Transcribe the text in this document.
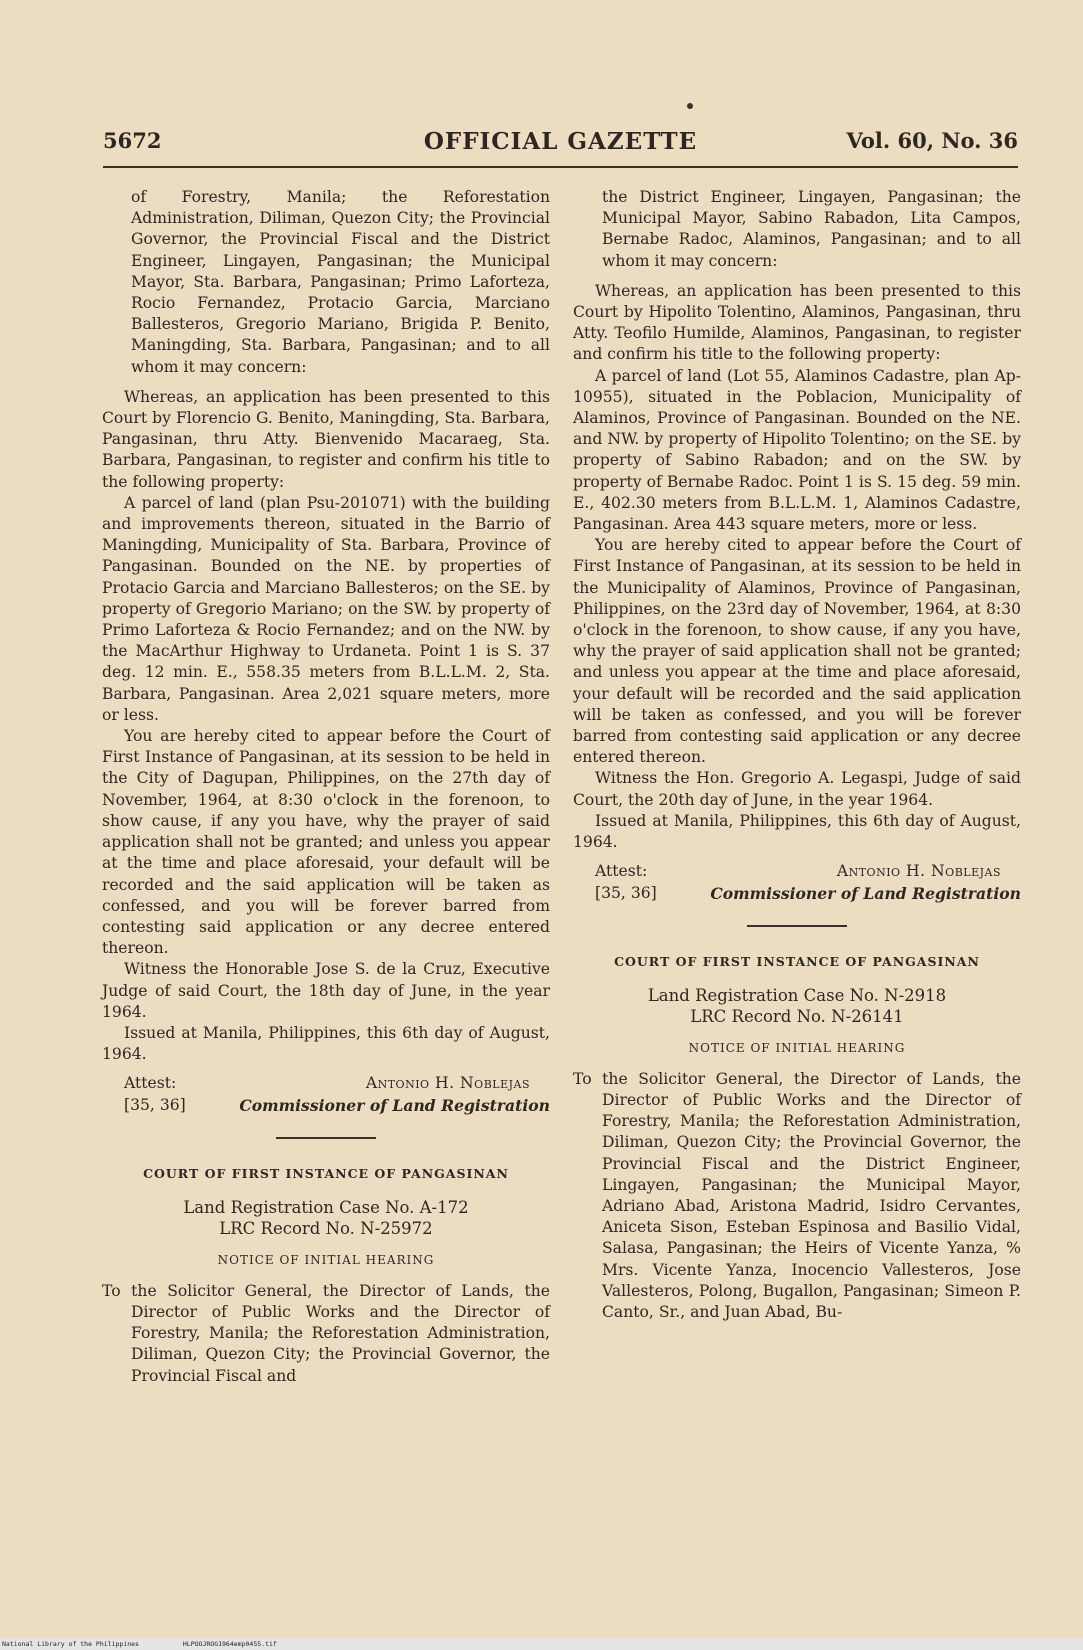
5672	OFFICIAL GAZETTE	Vol. 60, No. 36

of Forestry, Manila; the Reforestation Administration, Diliman, Quezon City; the Provincial Governor, the Provincial Fiscal and the District Engineer, Lingayen, Pangasinan; the Municipal Mayor, Sta. Barbara, Pangasinan; Primo Laforteza, Rocio Fernandez, Protacio Garcia, Marciano Ballesteros, Gregorio Mariano, Brigida P. Benito, Maningding, Sta. Barbara, Pangasinan; and to all whom it may concern:

Whereas, an application has been presented to this Court by Florencio G. Benito, Maningding, Sta. Barbara, Pangasinan, thru Atty. Bienvenido Macaraeg, Sta. Barbara, Pangasinan, to register and confirm his title to the following property:

A parcel of land (plan Psu-201071) with the building and improvements thereon, situated in the Barrio of Maningding, Municipality of Sta. Barbara, Province of Pangasinan. Bounded on the NE. by properties of Protacio Garcia and Marciano Ballesteros; on the SE. by property of Gregorio Mariano; on the SW. by property of Primo Laforteza & Rocio Fernandez; and on the NW. by the MacArthur Highway to Urdaneta. Point 1 is S. 37 deg. 12 min. E., 558.35 meters from B.L.L.M. 2, Sta. Barbara, Pangasinan. Area 2,021 square meters, more or less.

You are hereby cited to appear before the Court of First Instance of Pangasinan, at its session to be held in the City of Dagupan, Philippines, on the 27th day of November, 1964, at 8:30 o'clock in the forenoon, to show cause, if any you have, why the prayer of said application shall not be granted; and unless you appear at the time and place aforesaid, your default will be recorded and the said application will be taken as confessed, and you will be forever barred from contesting said application or any decree entered thereon.

Witness the Honorable Jose S. de la Cruz, Executive Judge of said Court, the 18th day of June, in the year 1964.

Issued at Manila, Philippines, this 6th day of August, 1964.

Attest:
[35, 36]
Antonio H. Noblejas
Commissioner of Land Registration
COURT OF FIRST INSTANCE OF PANGASINAN
Land Registration Case No. A-172
LRC Record No. N-25972
NOTICE OF INITIAL HEARING

To the Solicitor General, the Director of Lands, the Director of Public Works and the Director of Forestry, Manila; the Reforestation Administration, Diliman, Quezon City; the Provincial Governor, the Provincial Fiscal and

the District Engineer, Lingayen, Pangasinan; the Municipal Mayor, Sabino Rabadon, Lita Campos, Bernabe Radoc, Alaminos, Pangasinan; and to all whom it may concern:

Whereas, an application has been presented to this Court by Hipolito Tolentino, Alaminos, Pangasinan, thru Atty. Teofilo Humilde, Alaminos, Pangasinan, to register and confirm his title to the following property:

A parcel of land (Lot 55, Alaminos Cadastre, plan Ap-10955), situated in the Poblacion, Municipality of Alaminos, Province of Pangasinan. Bounded on the NE. and NW. by property of Hipolito Tolentino; on the SE. by property of Sabino Rabadon; and on the SW. by property of Bernabe Radoc. Point 1 is S. 15 deg. 59 min. E., 402.30 meters from B.L.L.M. 1, Alaminos Cadastre, Pangasinan. Area 443 square meters, more or less.

You are hereby cited to appear before the Court of First Instance of Pangasinan, at its session to be held in the Municipality of Alaminos, Province of Pangasinan, Philippines, on the 23rd day of November, 1964, at 8:30 o'clock in the forenoon, to show cause, if any you have, why the prayer of said application shall not be granted; and unless you appear at the time and place aforesaid, your default will be recorded and the said application will be taken as confessed, and you will be forever barred from contesting said application or any decree entered thereon.

Witness the Hon. Gregorio A. Legaspi, Judge of said Court, the 20th day of June, in the year 1964.

Issued at Manila, Philippines, this 6th day of August, 1964.

Attest:
[35, 36]
Antonio H. Noblejas
Commissioner of Land Registration
COURT OF FIRST INSTANCE OF PANGASINAN
Land Registration Case No. N-2918
LRC Record No. N-26141
NOTICE OF INITIAL HEARING

To the Solicitor General, the Director of Lands, the Director of Public Works and the Director of Forestry, Manila; the Reforestation Administration, Diliman, Quezon City; the Provincial Governor, the Provincial Fiscal and the District Engineer, Lingayen, Pangasinan; the Municipal Mayor, Adriano Abad, Aristona Madrid, Isidro Cervantes, Aniceta Sison, Esteban Espinosa and Basilio Vidal, Salasa, Pangasinan; the Heirs of Vicente Yanza, % Mrs. Vicente Yanza, Inocencio Vallesteros, Jose Vallesteros, Polong, Bugallon, Pangasinan; Simeon P. Canto, Sr., and Juan Abad, Bu-

National Library of the Philippines	HLPOOJROG1964emp0455.tif
